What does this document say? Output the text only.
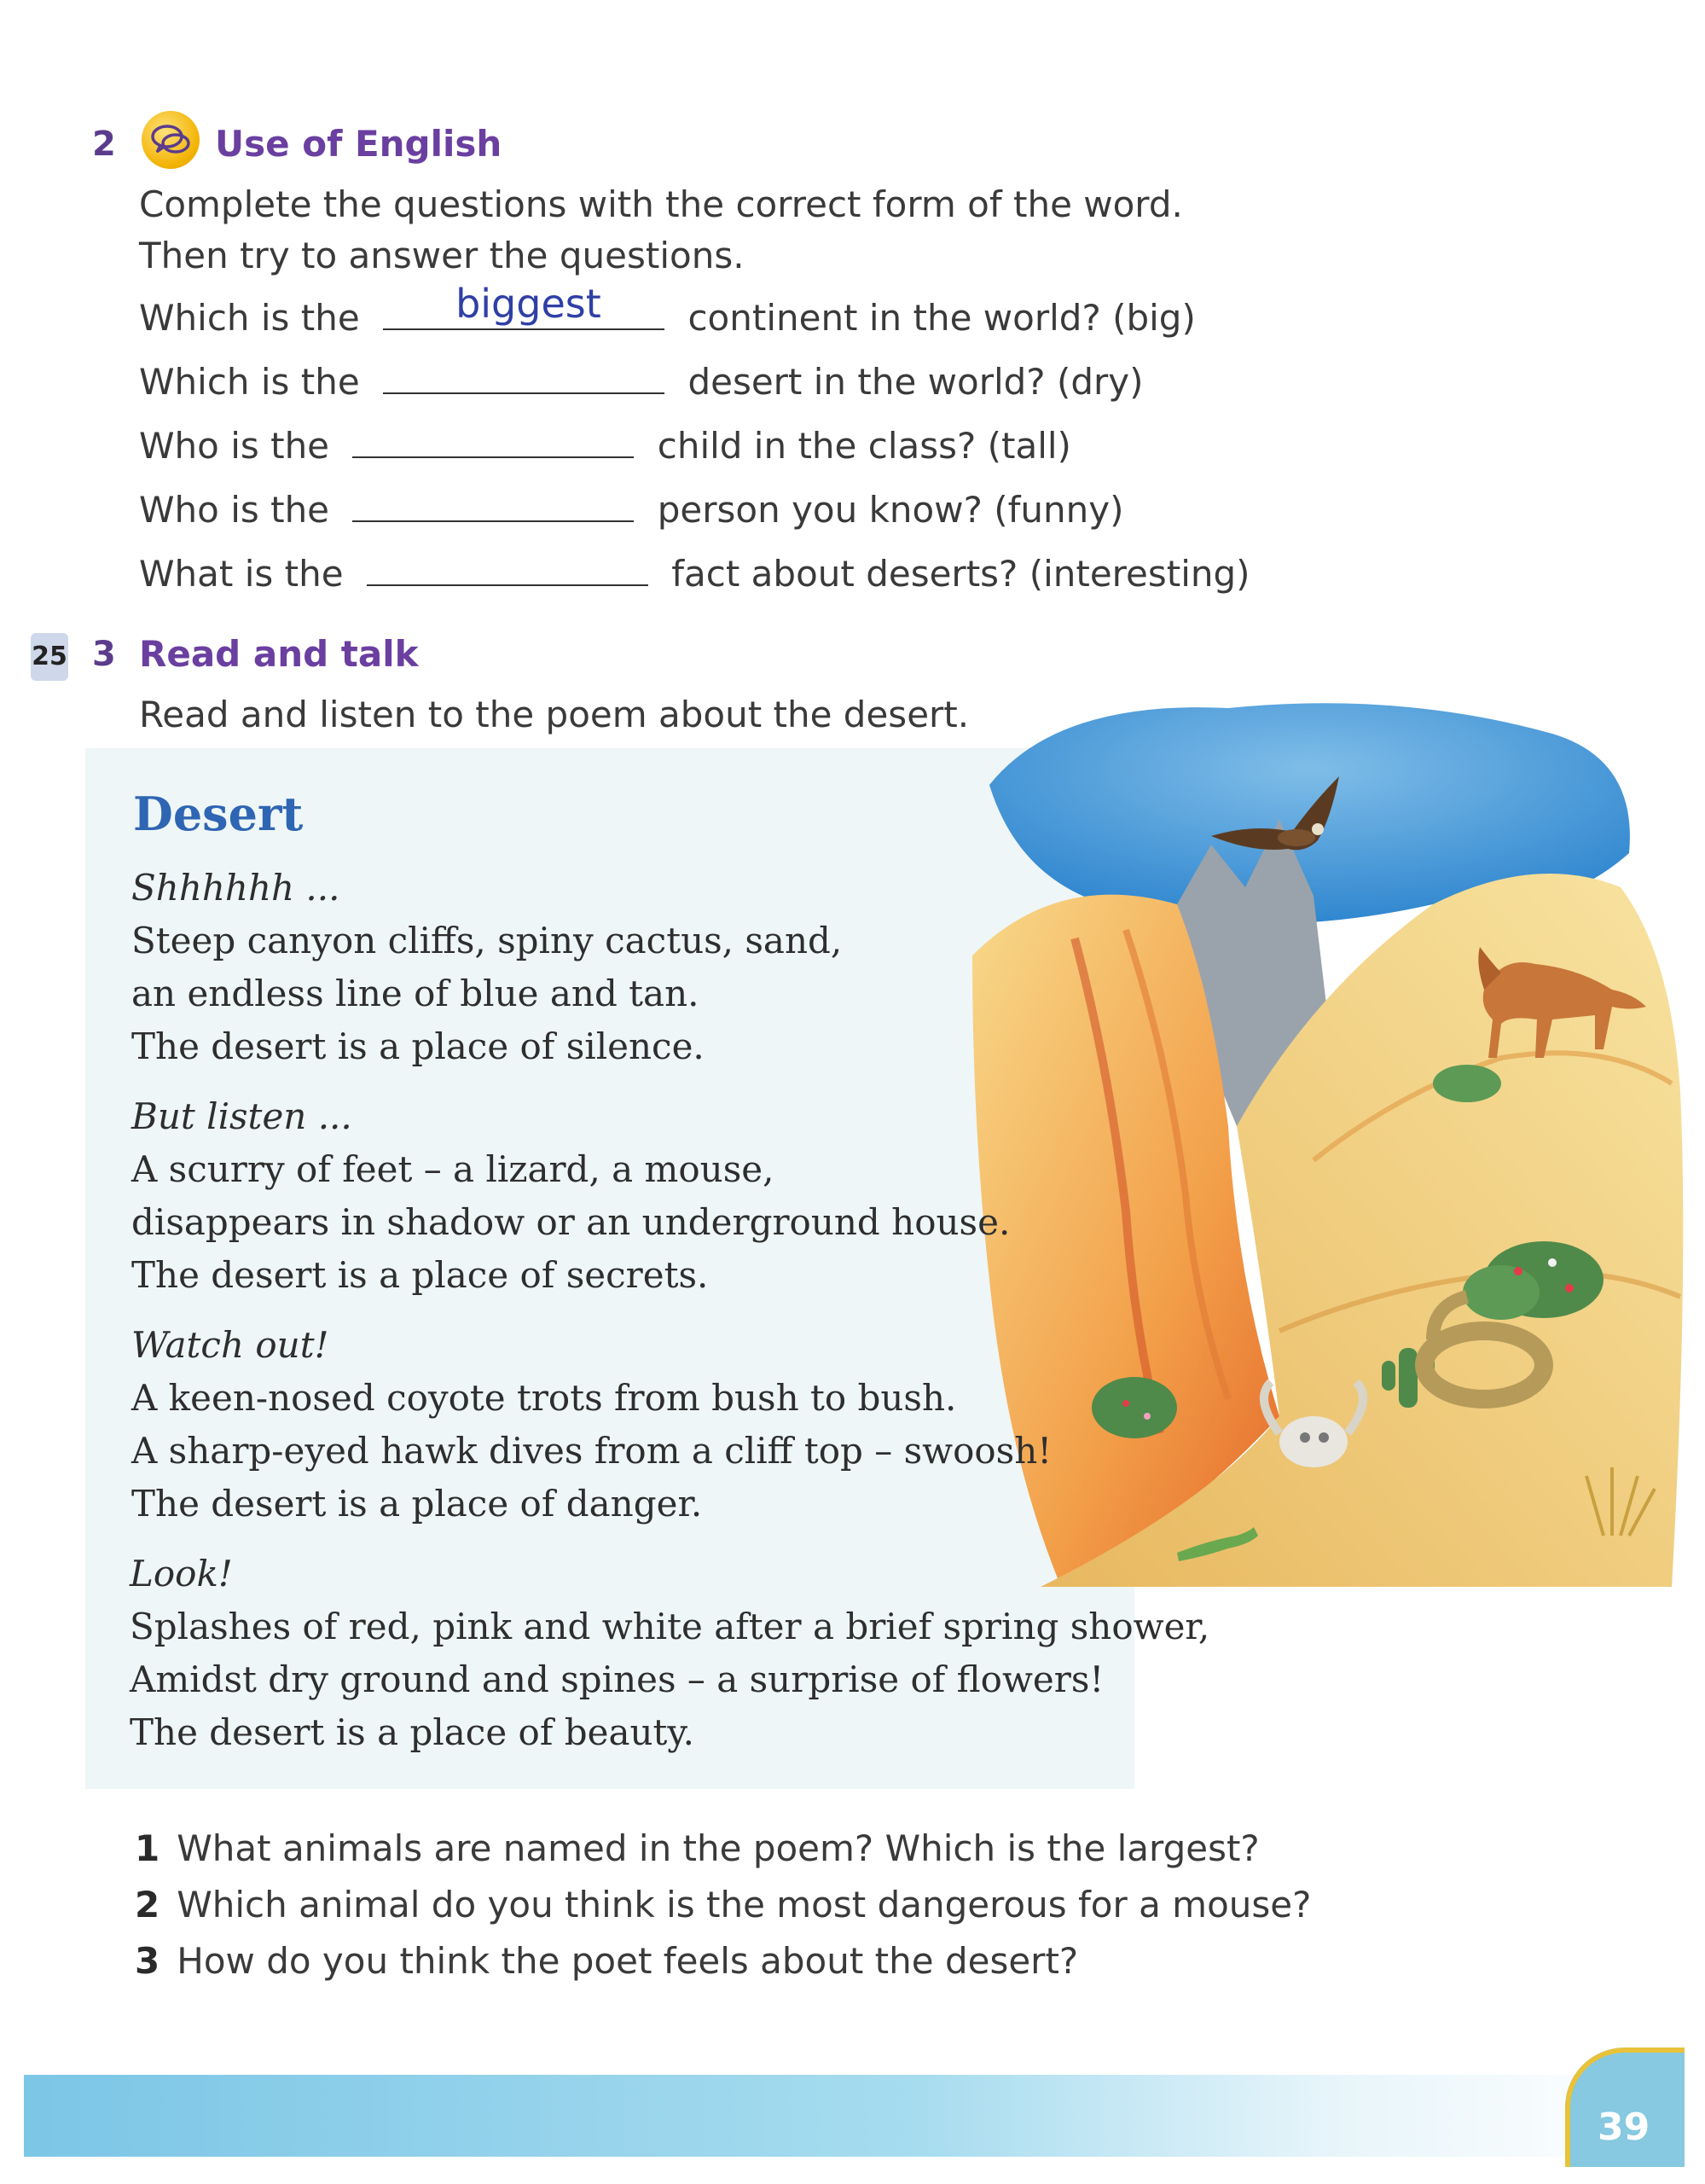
2	Use of English
Complete the questions with the correct form of the word.
Then try to answer the questions.
Which is the biggest continent in the world? (big)
Which is the	desert in the world? (dry)
Who is the	child in the class? (tall)
Who is the	person you know? (funny)
What is the	fact about deserts? (interesting)
25 3 Read and talk
Read and listen to the poem about the desert.
Desert
Shhhhhh ...
Steep canyon cliffs, spiny cactus, sand,
an endless line of blue and tan.
The desert is a place of silence.
But listen ...
A scurry of feet – a lizard, a mouse,
disappears in shadow or an underground house.
The desert is a place of secrets.
Watch out!
A keen-nosed coyote trots from bush to bush.
A sharp-eyed hawk dives from a cliff top – swoosh!
The desert is a place of danger.
Look!
Splashes of red, pink and white after a brief spring shower,
Amidst dry ground and spines – a surprise of flowers!
The desert is a place of beauty.
1 What animals are named in the poem? Which is the largest?
2 Which animal do you think is the most dangerous for a mouse?
3 How do you think the poet feels about the desert?
39
